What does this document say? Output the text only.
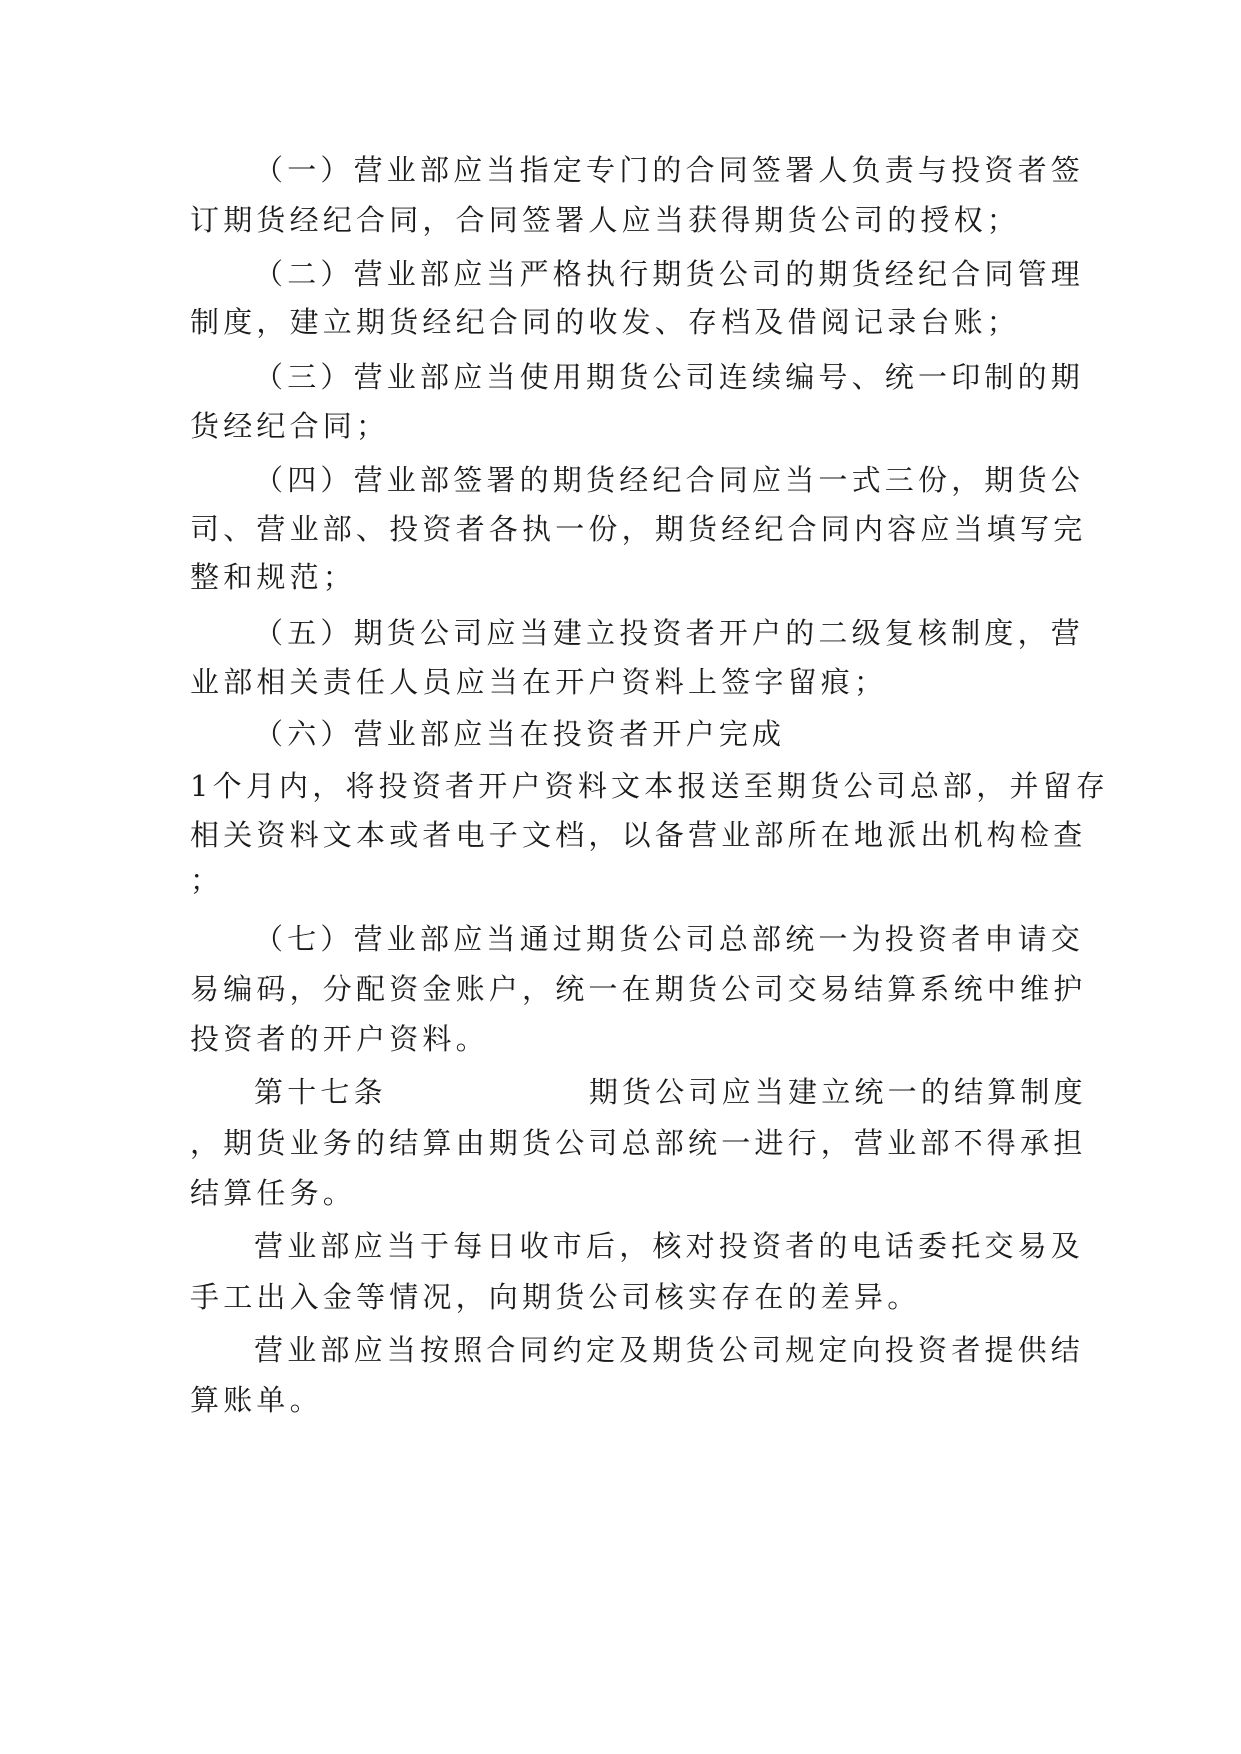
（一）营业部应当指定专门的合同签署人负责与投资者签
订期货经纪合同，合同签署人应当获得期货公司的授权；
（二）营业部应当严格执行期货公司的期货经纪合同管理
制度，建立期货经纪合同的收发、存档及借阅记录台账；
（三）营业部应当使用期货公司连续编号、统一印制的期
货经纪合同；
（四）营业部签署的期货经纪合同应当一式三份，期货公
司、营业部、投资者各执一份，期货经纪合同内容应当填写完
整和规范；
（五）期货公司应当建立投资者开户的二级复核制度，营
业部相关责任人员应当在开户资料上签字留痕；
（六）营业部应当在投资者开户完成
1个月内，将投资者开户资料文本报送至期货公司总部，并留存
相关资料文本或者电子文档，以备营业部所在地派出机构检查
；
（七）营业部应当通过期货公司总部统一为投资者申请交
易编码，分配资金账户，统一在期货公司交易结算系统中维护
投资者的开户资料。
第十七条	期货公司应当建立统一的结算制度
，期货业务的结算由期货公司总部统一进行，营业部不得承担
结算任务。
营业部应当于每日收市后，核对投资者的电话委托交易及
手工出入金等情况，向期货公司核实存在的差异。
营业部应当按照合同约定及期货公司规定向投资者提供结
算账单。
